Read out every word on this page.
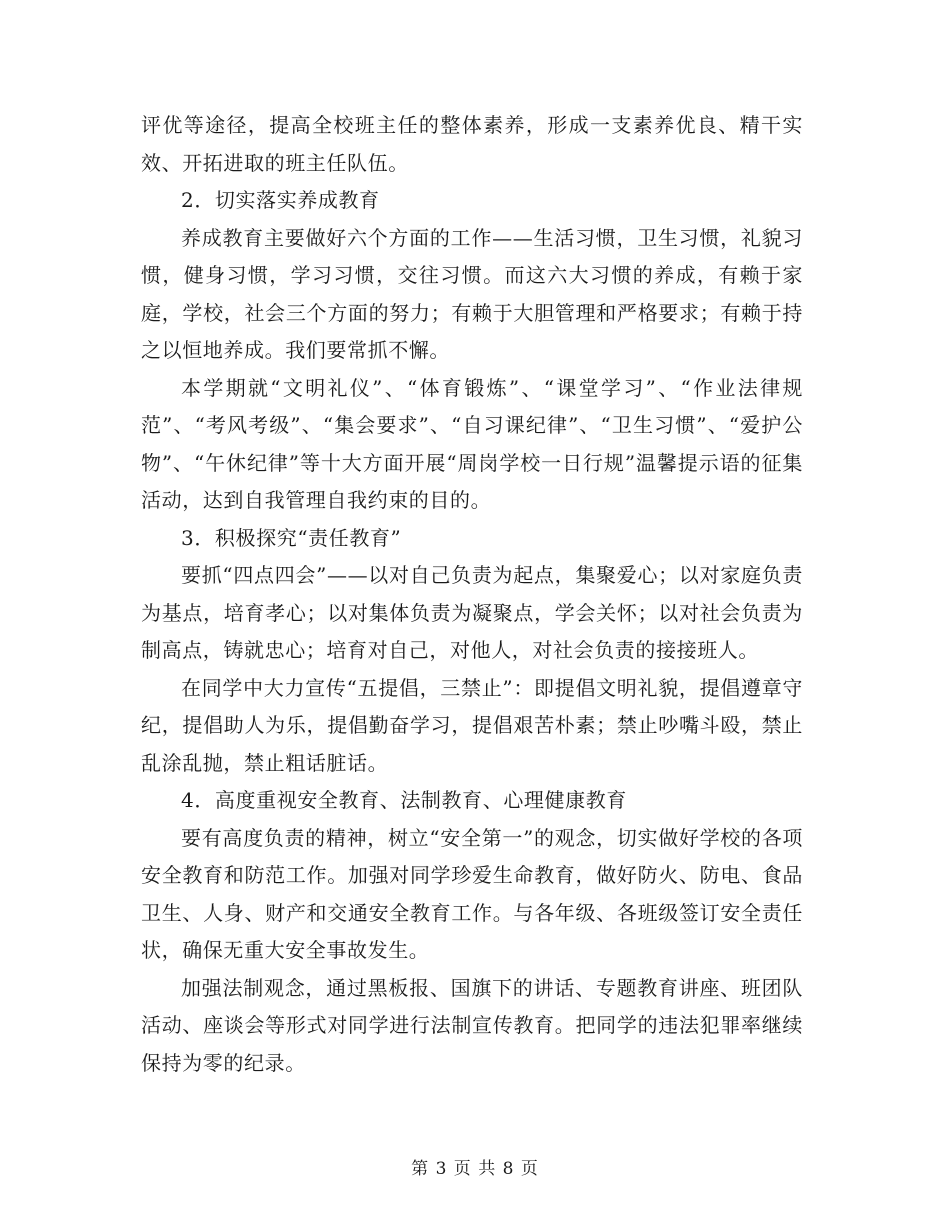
评优等途径，提高全校班主任的整体素养，形成一支素养优良、精干实效、开拓进取的班主任队伍。

2．切实落实养成教育

养成教育主要做好六个方面的工作——生活习惯，卫生习惯，礼貌习惯，健身习惯，学习习惯，交往习惯。而这六大习惯的养成，有赖于家庭，学校，社会三个方面的努力；有赖于大胆管理和严格要求；有赖于持之以恒地养成。我们要常抓不懈。

本学期就“文明礼仪”、“体育锻炼”、“课堂学习”、“作业法律规范”、“考风考级”、“集会要求”、“自习课纪律”、“卫生习惯”、“爱护公物”、“午休纪律”等十大方面开展“周岗学校一日行规”温馨提示语的征集活动，达到自我管理自我约束的目的。

3．积极探究“责任教育”

要抓“四点四会”——以对自己负责为起点，集聚爱心；以对家庭负责为基点，培育孝心；以对集体负责为凝聚点，学会关怀；以对社会负责为制高点，铸就忠心；培育对自己，对他人，对社会负责的接接班人。

在同学中大力宣传“五提倡，三禁止”：即提倡文明礼貌，提倡遵章守纪，提倡助人为乐，提倡勤奋学习，提倡艰苦朴素；禁止吵嘴斗殴，禁止乱涂乱抛，禁止粗话脏话。

4．高度重视安全教育、法制教育、心理健康教育

要有高度负责的精神，树立“安全第一”的观念，切实做好学校的各项安全教育和防范工作。加强对同学珍爱生命教育，做好防火、防电、食品卫生、人身、财产和交通安全教育工作。与各年级、各班级签订安全责任状，确保无重大安全事故发生。

加强法制观念，通过黑板报、国旗下的讲话、专题教育讲座、班团队活动、座谈会等形式对同学进行法制宣传教育。把同学的违法犯罪率继续保持为零的纪录。

第 3 页 共 8 页
